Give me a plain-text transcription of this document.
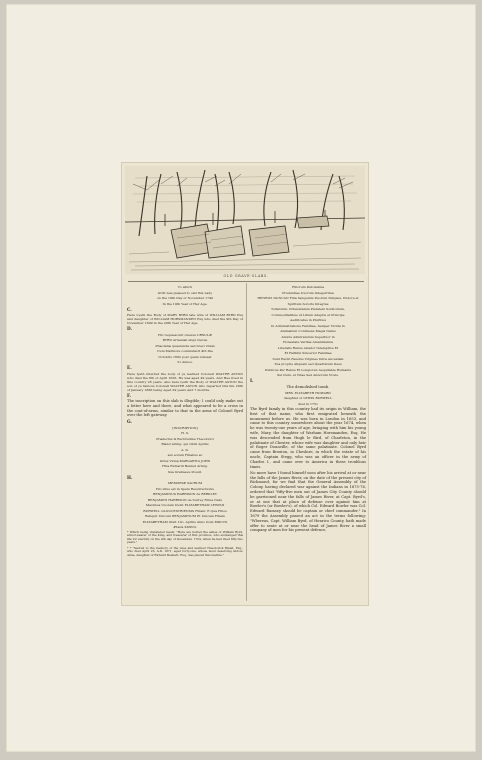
OLD GRAVE-SLABS.

To which

GOD was pleased to call this Lady

on the 19th Day of November 1740

In the 19th Year of Her Age.

C.

Here Lyeth the Body of MARY BYRD late wife of WILLIAM BYRD Esq and daughter of WILLIAM HORSMANDEN Esq who died the 9th Day of November 1699 in the 29th Year of Her Age.

D.

Hic requiescunt cineres URSULÆ

BYRD Armenali stupi Indole

Præclaræ quaerenda sed brevi vitam

Cum Marmore commutavit 4th Die

Octobris 1692 post quam vixisset

31 Annos.

E.

Here lyeth interred the body of ye learned Colonell WALTER ASTON who died the 6th of April 1656. He was aged 49 years. And Hee lived in this country 28 years. Also here lyeth the Body of WALTER ASTON the son of ye famous Colonell WALTER ASTON who departed this life 29th of January 1666 being Aged 29 years And 7 months.

F.

The inscription on this slab is illegible; I could only make out a letter here and there, and what appeared to be a cross in the coat-of-arms, similar to that in the arms of Colonel Byrd over the left gateway.

G.

[INSCRIPTION]

H. S.

Præfectus & Rectitudine Theodorici

Bland Armig. qui Obiit Aprilis

A. D.

aut eorum Filiabus ac

Istius Vidua MARGARITA JOHN

Filia Richardi Bennet Armig.

Sua Gratiaeve Posuit.

H.

MEMORIÆ SACRUM

Hic situs est in Spem Resurrectionis

BENJAMINUS HARRISON de BERKLEY

BENJAMINI HARRISON de Surrey Filius Natu

Maximus Uxorem Duxit ELIZABETHAM LEWISII

BURWELL GLOUCESTRIENSIS Filiam: E Qua Filios

Reliquit Unicum BENJAMINUM Et Unicam Filiam

ELIZABETHAM Obiit 10o. Aprilis Anno Dom MDCCX

Ætatis XXXVII.

* Which being translated reads: "Here are buried the ashes of William Byrd, armor-bearer of the King, and treasurer of this province, who exchanged this life for eternity on the 4th day of December, 1704, when he had lived fifty-two years."

* * "Sacred to the memory of the wise and learned Theodorick Bland, Esq., who died April 23, A.D. 1671, aged forty-one, whose most deserving widow, Anne, daughter of Richard Bennett, Esq., has placed this marble."

Filiorum Dulcissima

Prudentiae Uxorum Integerrima

HENRICI DUNCAN Filia Sanguinis Duorum Simplex, Pudore et

Spiritum Sororis Integras

Tollentum: Orbavatatem Pietatem Soratorium,

Commoditatibus ut Lilium Adeptis et Principe

Aedificatus in Pluribus

In Administratione Familiae, Semper Vivida in

Animalium Continens Magis Natus

Amicis Admirandum Superbior in

Honestate Veritas Amantissima

Liberalis Rebus Amator Intemptive Et

Et Faithful Sincerior Familiae

Sunt Hechi Faustus Virgines Intra Anceidam

Tua proprie Aliquam sed Quadratum Deus

Publicus Per Rebus Et Longioren Aequitable Humanis

Sui Dum, et Vitae Sed Annorum Novis.

I.

The demolished tomb.

MRS. ELIZABETH HOWARD

daughter of LEWIS BURWELL

died in 1751

The Byrd family in this country had its origin in William, the first of that name, who first emigrated beneath the monument before us. He was born in London in 1653, and came to this country somewhere about the year 1674, when he was twenty-one years of age, bringing with him his young wife, Mary, the daughter of Warham Horsmanden, Esq. He was descended from Hugh le Bird, of Charleton, in the palatinate of Chester, whose wife was daughter and only heir of Roger Dounville, of the same palatinate. Colonel Byrd came from Broxton, in Cheshire, in which the estate of his uncle, Captain Stegg, who was an officer in the army of Charles I., and came over to America in these troublous times.

No more have I found himself soon after his arrival at or near the falls of the James River, on the date of the present city of Richmond; for we find that the General Assembly of the Colony, having declared war against the Indians in 1675-76, ordered that "fifty-five men out of James City County should be garrisoned near the falls of James River, at Capt. Byrd's, or at one that at place of defense over against him at Bowler's (or Bowler's), of which Col. Edward Bowler was Col. Edward Ramsey should be captain or chief commander." In 1679 the Assembly passed an act in the terms following: "Whereas, Capt. William Byrd, of Henrico County, hath made offer to seate at or near the head of James River a small company of men for his present defence,
